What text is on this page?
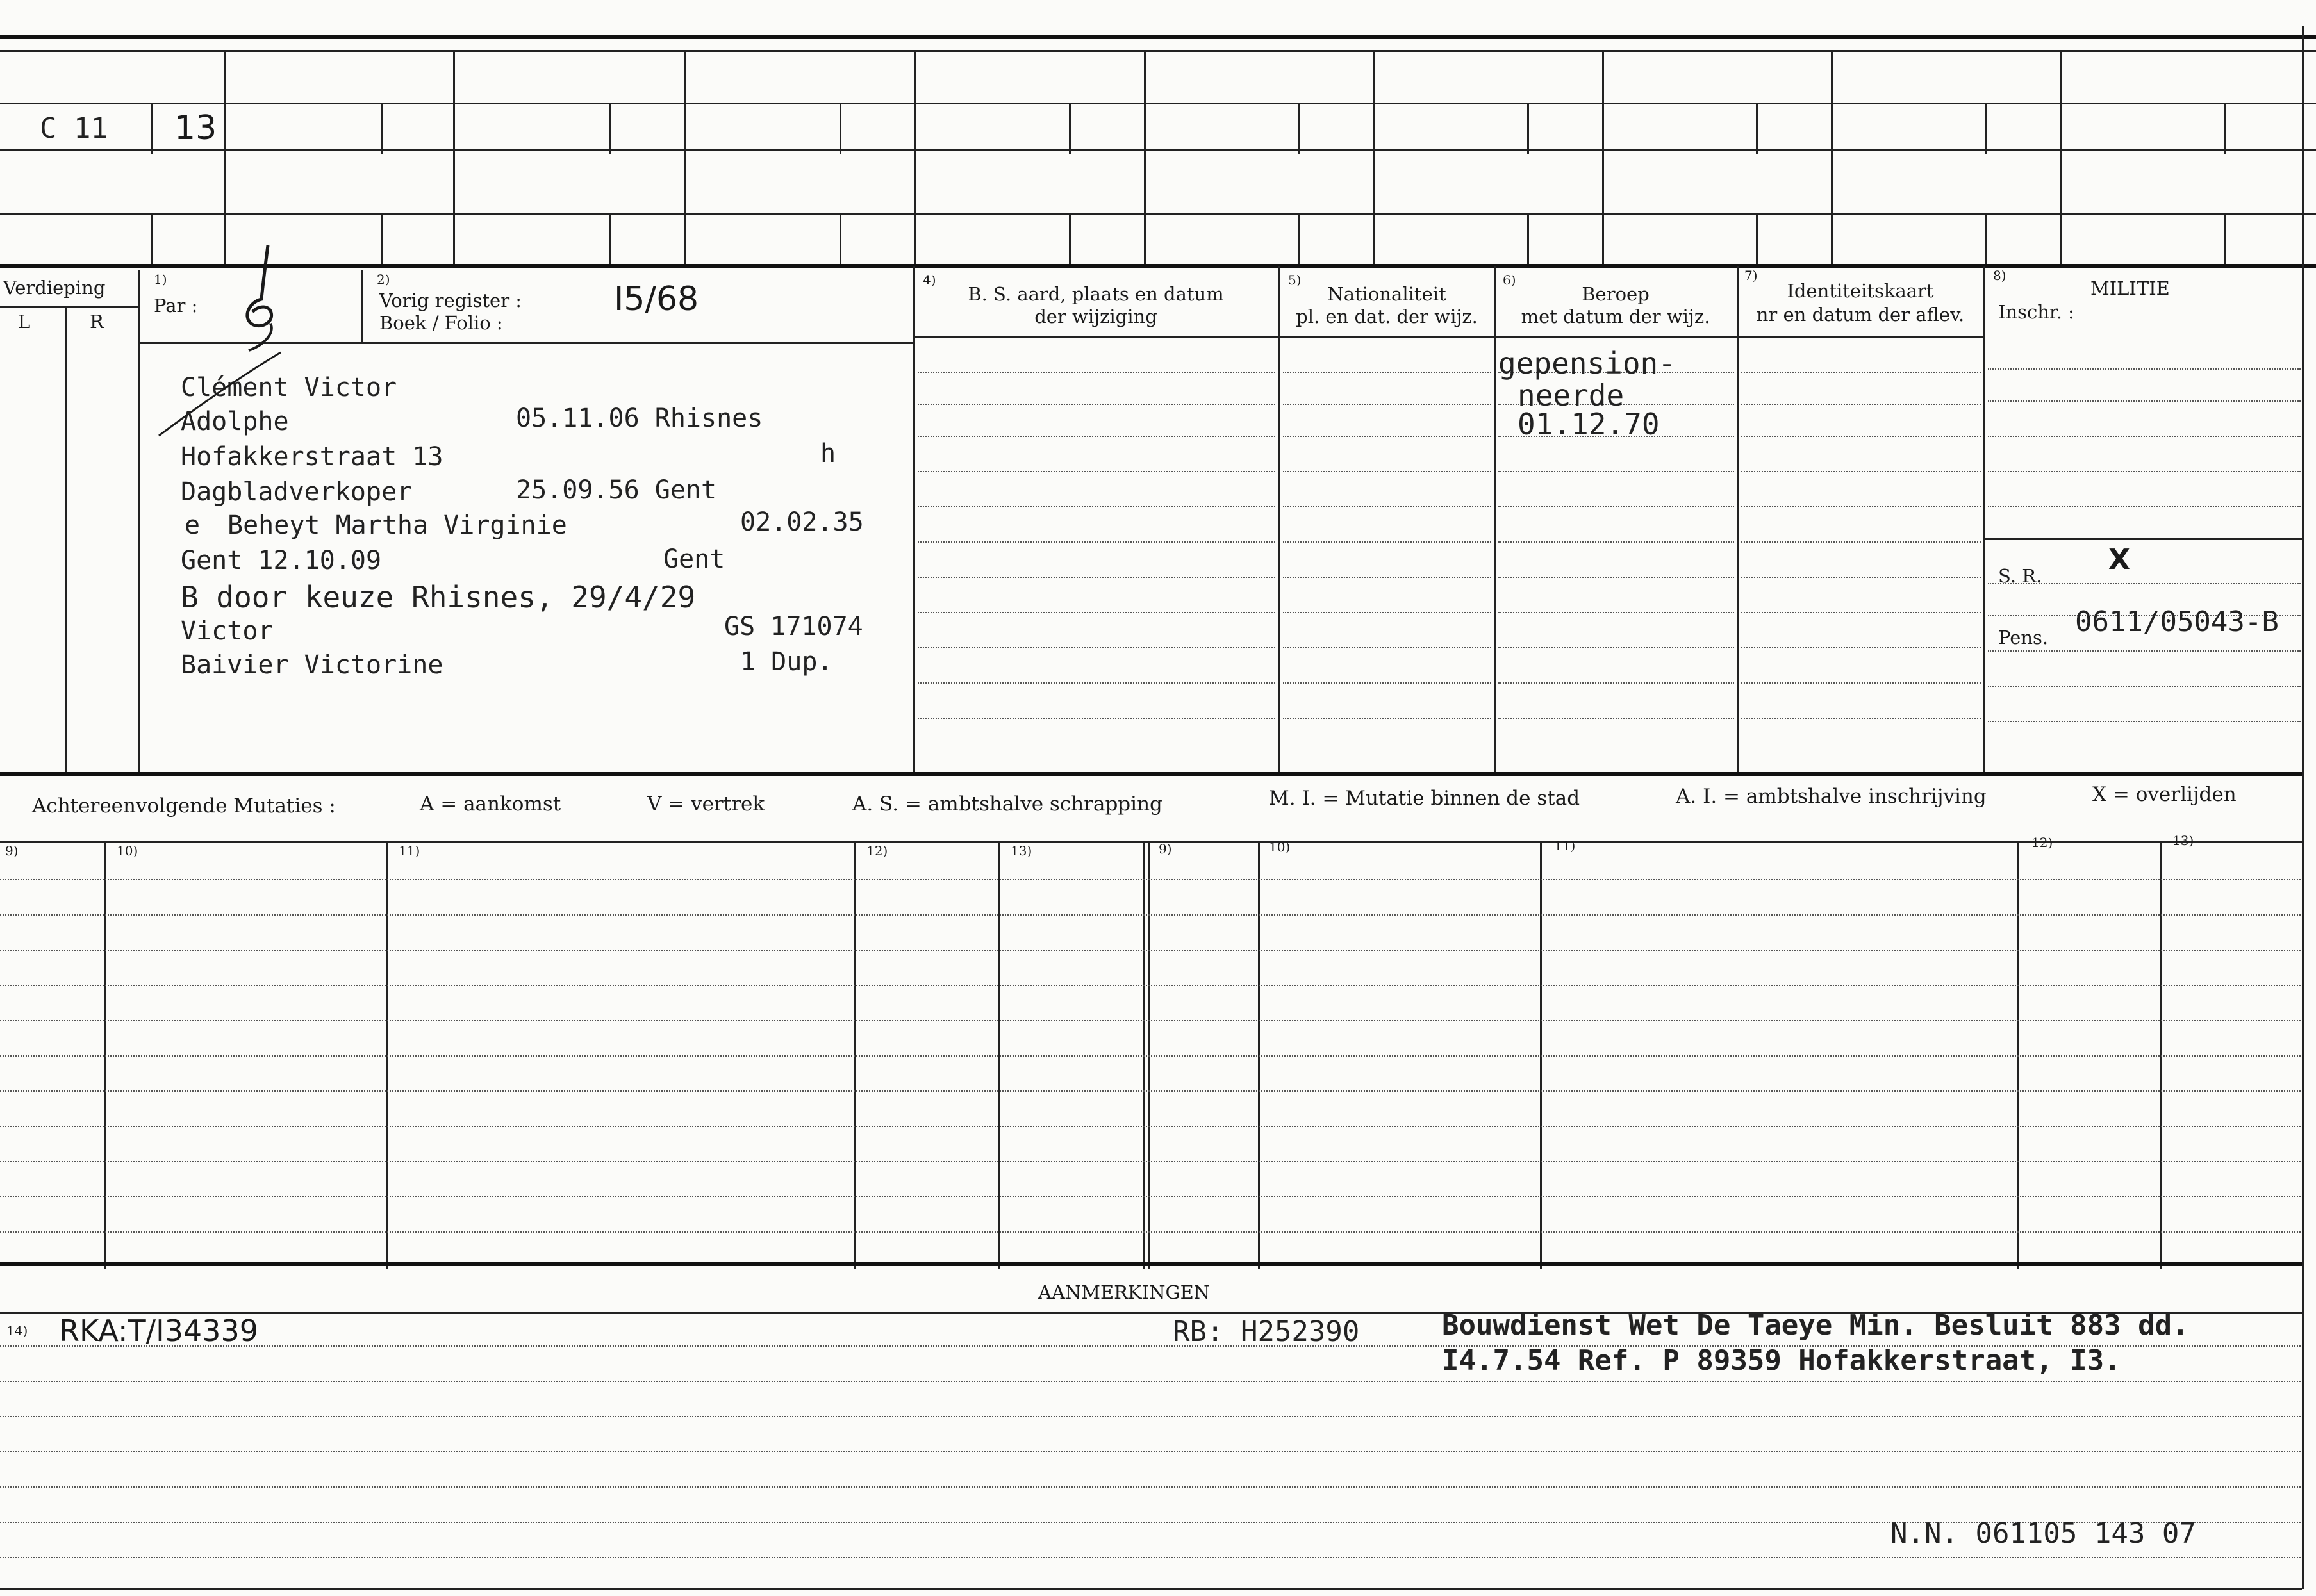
C 11 13
Verdieping
L	R
1)
Par :
2)
Vorig register :
Boek / Folio :
I5/68	4)
B. S. aard, plaats en datum
der wijziging
5)
Nationaliteit
pl. en dat. der wijz.
6)
Beroep
met datum der wijz.
7)
Identiteitskaart
nr en datum der aflev.
8)
MILITIE
Inschr. :
Clément Victor
Adolphe	05.11.06 Rhisnes
Hofakkerstraat 13	h
Dagbladverkoper	25.09.56 Gent
e Beheyt Martha Virginie	02.02.35
Gent 12.10.09	Gent
B door keuze Rhisnes, 29/4/29
Victor	GS 171074
Baivier Victorine	1 Dup.
gepension-
neerde
01.12.70
S. R. X
Pens. 0611/05043-B
Achtereenvolgende Mutaties :	A = aankomst	V = vertrek	A. S. = ambtshalve schrapping	M. I. = Mutatie binnen de stad	A. I. = ambtshalve inschrijving	X = overlijden
9)	10)	11)	12)	13)	9)	10)	11)	12)	13)
AANMERKINGEN
14) RKA:T/I34339	RB: H252390	Bouwdienst Wet De Taeye Min. Besluit 883 dd.
I4.7.54 Ref. P 89359 Hofakkerstraat, I3.
N.N. 061105 143 07
